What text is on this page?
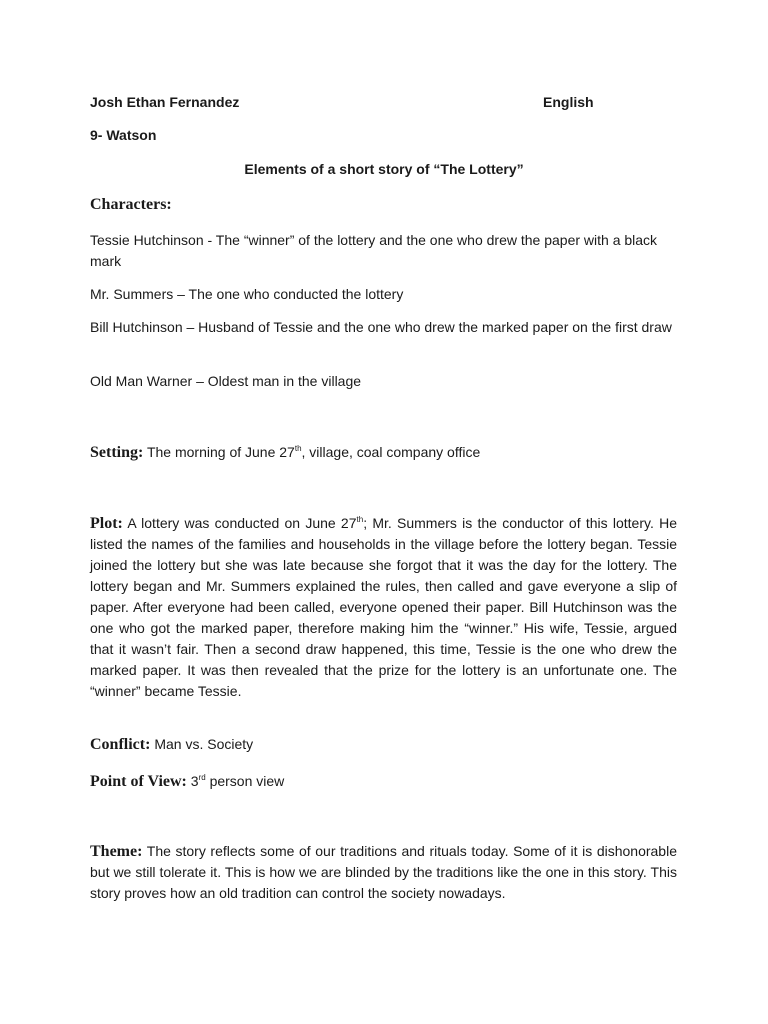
Josh Ethan Fernandez	English
9- Watson
Elements of a short story of “The Lottery”
Characters:
Tessie Hutchinson - The “winner” of the lottery and the one who drew the paper with a black mark
Mr. Summers – The one who conducted the lottery
Bill Hutchinson – Husband of Tessie and the one who drew the marked paper on the first draw
Old Man Warner – Oldest man in the village
Setting: The morning of June 27th, village, coal company office
Plot: A lottery was conducted on June 27th; Mr. Summers is the conductor of this lottery. He listed the names of the families and households in the village before the lottery began. Tessie joined the lottery but she was late because she forgot that it was the day for the lottery. The lottery began and Mr. Summers explained the rules, then called and gave everyone a slip of paper. After everyone had been called, everyone opened their paper. Bill Hutchinson was the one who got the marked paper, therefore making him the “winner.” His wife, Tessie, argued that it wasn’t fair. Then a second draw happened, this time, Tessie is the one who drew the marked paper. It was then revealed that the prize for the lottery is an unfortunate one. The “winner” became Tessie.
Conflict: Man vs. Society
Point of View: 3rd person view
Theme: The story reflects some of our traditions and rituals today. Some of it is dishonorable but we still tolerate it. This is how we are blinded by the traditions like the one in this story. This story proves how an old tradition can control the society nowadays.
